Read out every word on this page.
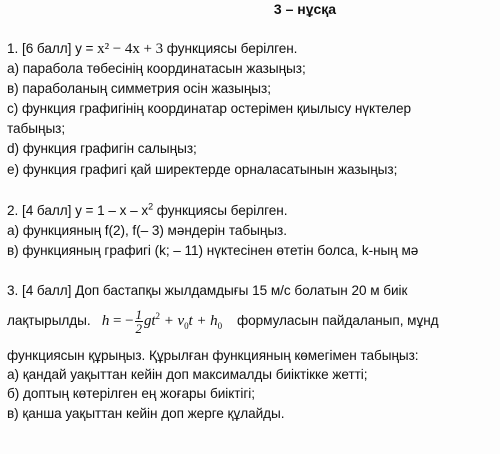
3 – нұсқа
1. [6 балл] y = x² − 4x + 3 функциясы берілген.
а) парабола төбесінің координатасын жазыңыз;
в) параболаның симметрия осін жазыңыз;
с) функция графигінің координатар остерімен қиылысу нүктелер
табыңыз;
d) функция графигін салыңыз;
е) функция графигі қай ширектерде орналасатынын жазыңыз;
2. [4 балл] $y = 1 - x - x^2$ функциясы берілген.
а) функцияның f(2), f(– 3) мәндерін табыңыз.
в) функцияның графигі (k; – 11) нүктесінен өтетін болса, k-ның мә
3. [4 балл] Доп бастапқы жылдамдығы 15 м/с болатын 20 м биік
лақтырылды. h = − $\frac{1}{2} gt^2 + v_0t + h_0$ формуласын пайдаланып, мұнд
функциясын құрыңыз. Құрылған функцияның көмегімен табыңыз:
а) қандай уақыттан кейін доп максималды биіктікке жетті;
б) доптың көтерілген ең жоғары биіктігі;
в) қанша уақыттан кейін доп жерге құлайды.
